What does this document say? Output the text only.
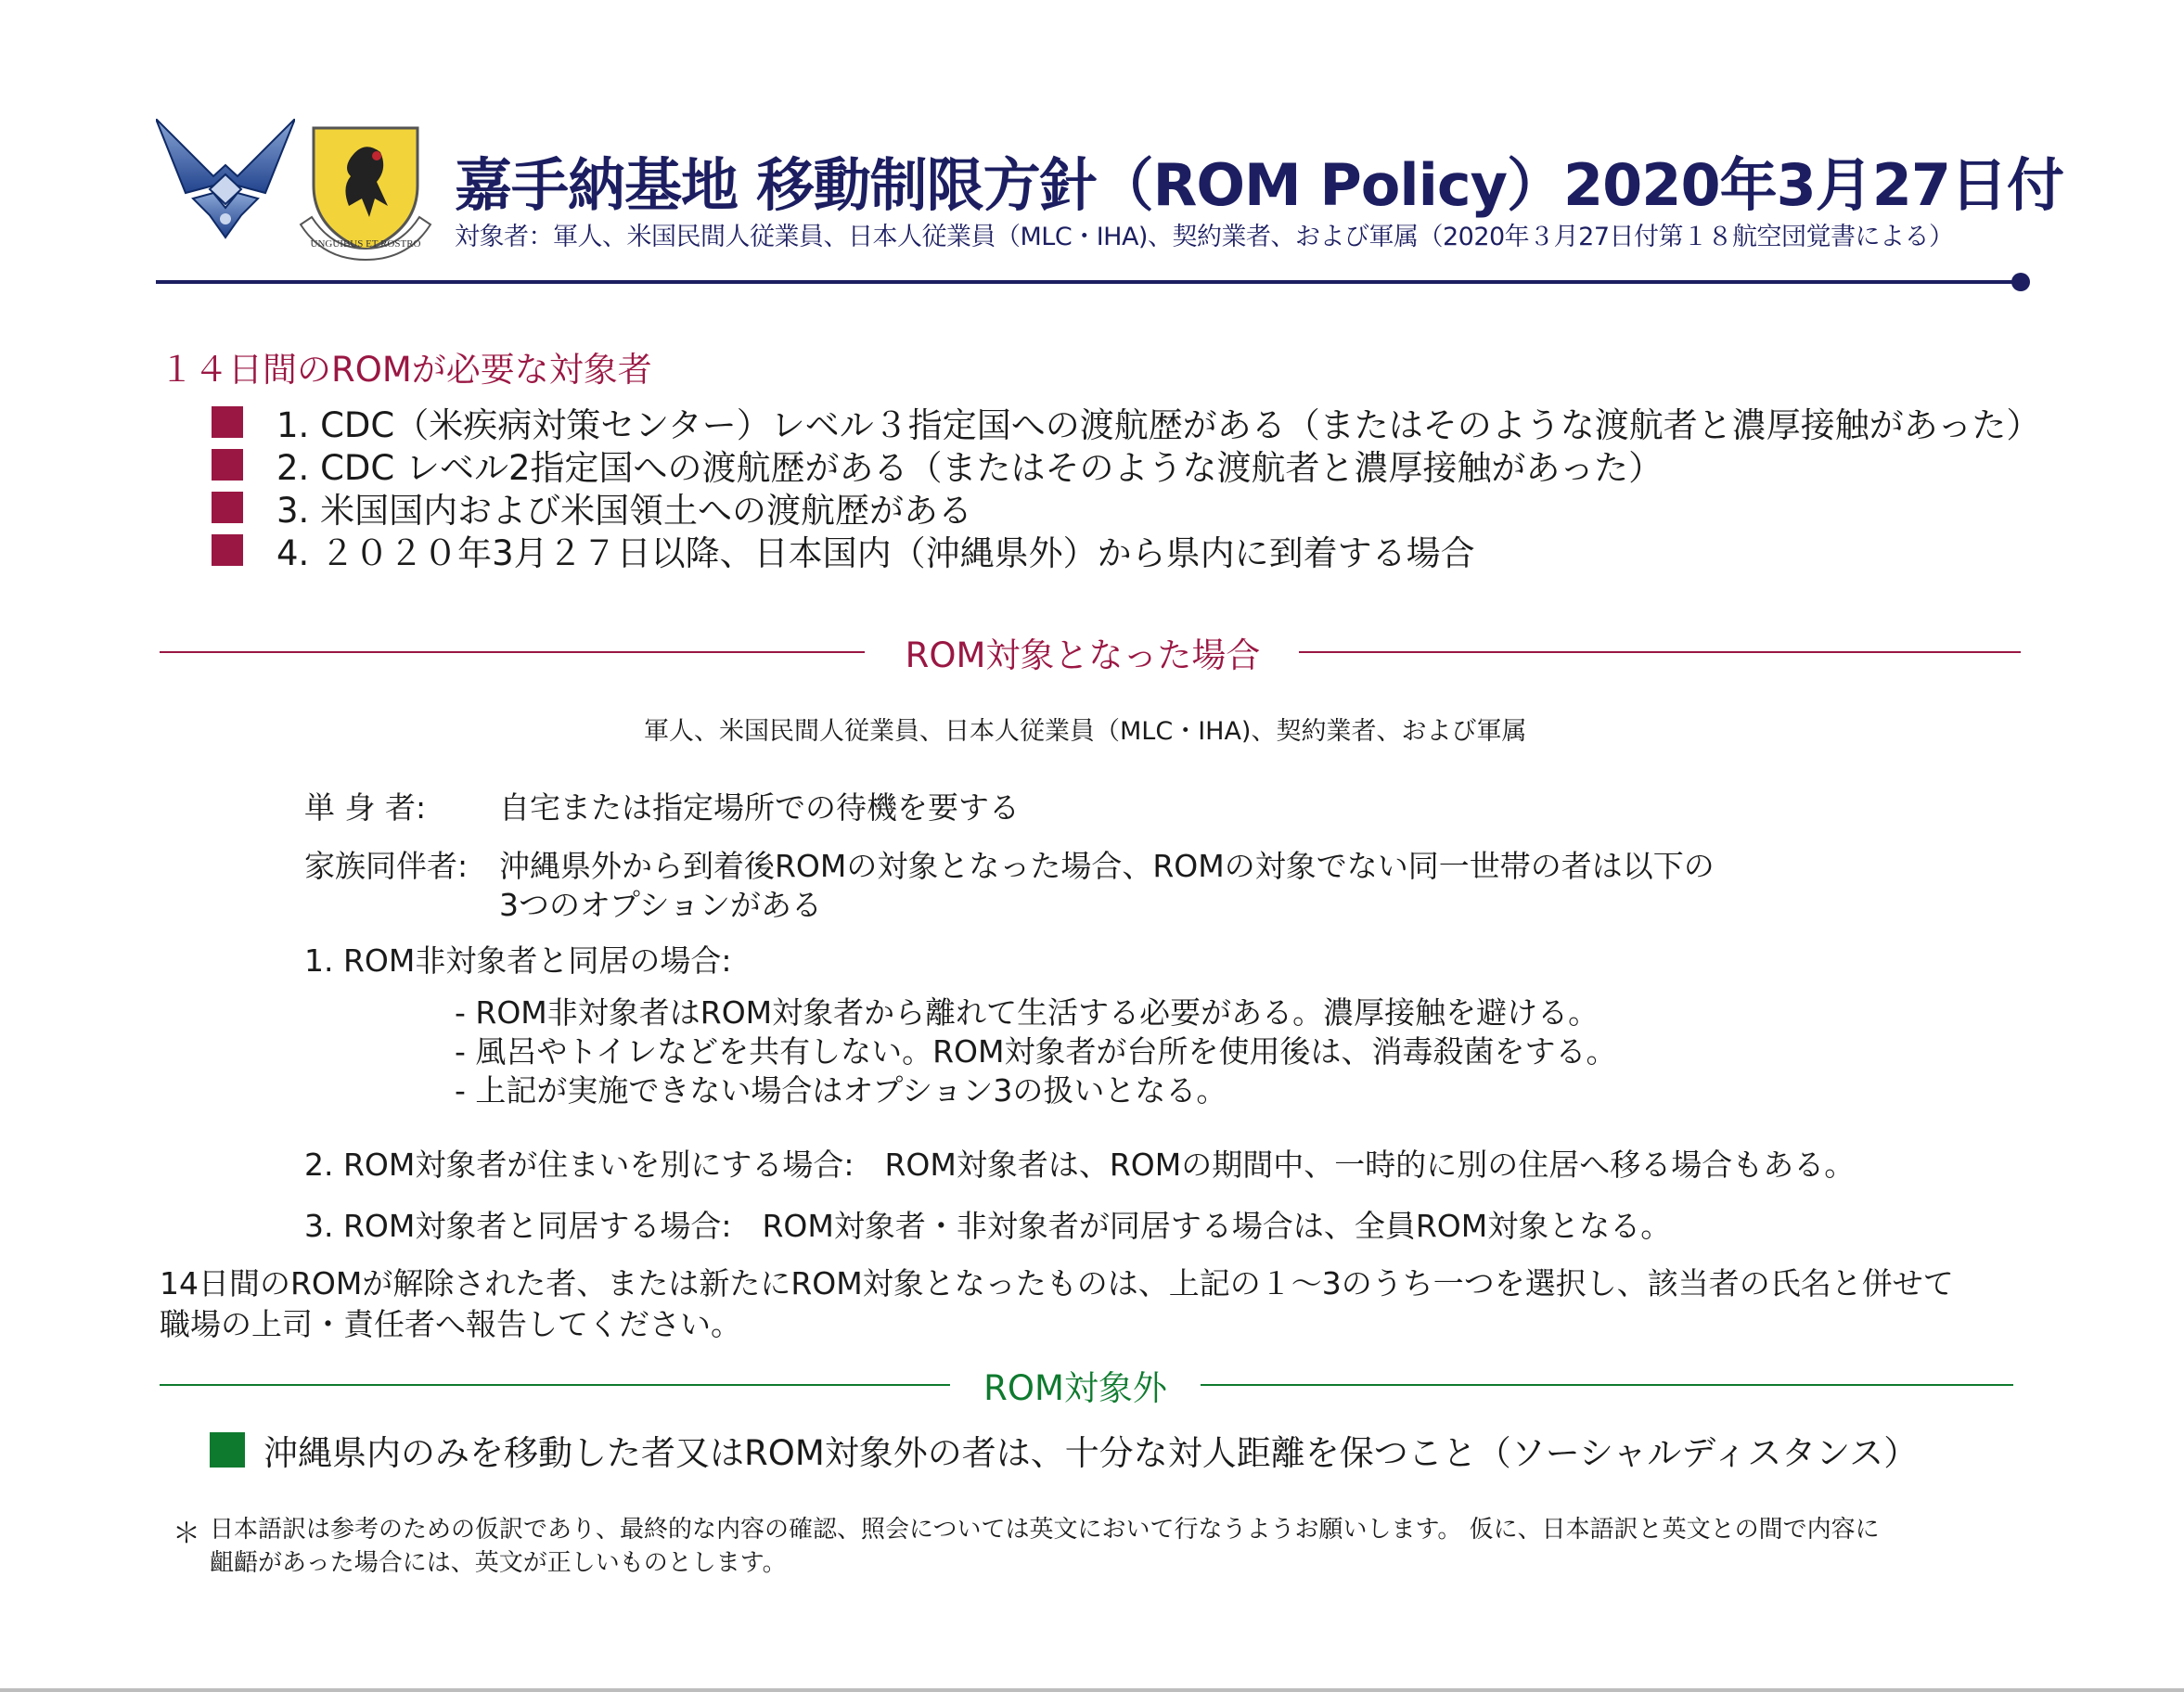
UNGUIBUS ET ROSTRO
嘉手納基地 移動制限方針（ROM Policy）2020年3月27日付
対象者：軍人、米国民間人従業員、日本人従業員（MLC・IHA)、契約業者、および軍属（2020年３月27日付第１８航空団覚書による）
１４日間のROMが必要な対象者
1. CDC（米疾病対策センター）レベル３指定国への渡航歴がある（またはそのような渡航者と濃厚接触があった）
2. CDC レベル2指定国への渡航歴がある（またはそのような渡航者と濃厚接触があった）
3. 米国国内および米国領土への渡航歴がある
4. ２０２０年3月２７日以降、日本国内（沖縄県外）から県内に到着する場合
ROM対象となった場合
軍人、米国民間人従業員、日本人従業員（MLC・IHA)、契約業者、および軍属
単 身 者: 自宅または指定場所での待機を要する
家族同伴者: 沖縄県外から到着後ROMの対象となった場合、ROMの対象でない同一世帯の者は以下の
3つのオプションがある
1. ROM非対象者と同居の場合:
- ROM非対象者はROM対象者から離れて生活する必要がある。濃厚接触を避ける。
- 風呂やトイレなどを共有しない。ROM対象者が台所を使用後は、消毒殺菌をする。
- 上記が実施できない場合はオプション3の扱いとなる。
2. ROM対象者が住まいを別にする場合:　ROM対象者は、ROMの期間中、一時的に別の住居へ移る場合もある。
3. ROM対象者と同居する場合:　ROM対象者・非対象者が同居する場合は、全員ROM対象となる。
14日間のROMが解除された者、または新たにROM対象となったものは、上記の１～3のうち一つを選択し、該当者の氏名と併せて
職場の上司・責任者へ報告してください。
ROM対象外
沖縄県内のみを移動した者又はROM対象外の者は、十分な対人距離を保つこと（ソーシャルディスタンス）
＊ 日本語訳は参考のための仮訳であり、最終的な内容の確認、照会については英文において行なうようお願いします。 仮に、日本語訳と英文との間で内容に
齟齬があった場合には、英文が正しいものとします。
